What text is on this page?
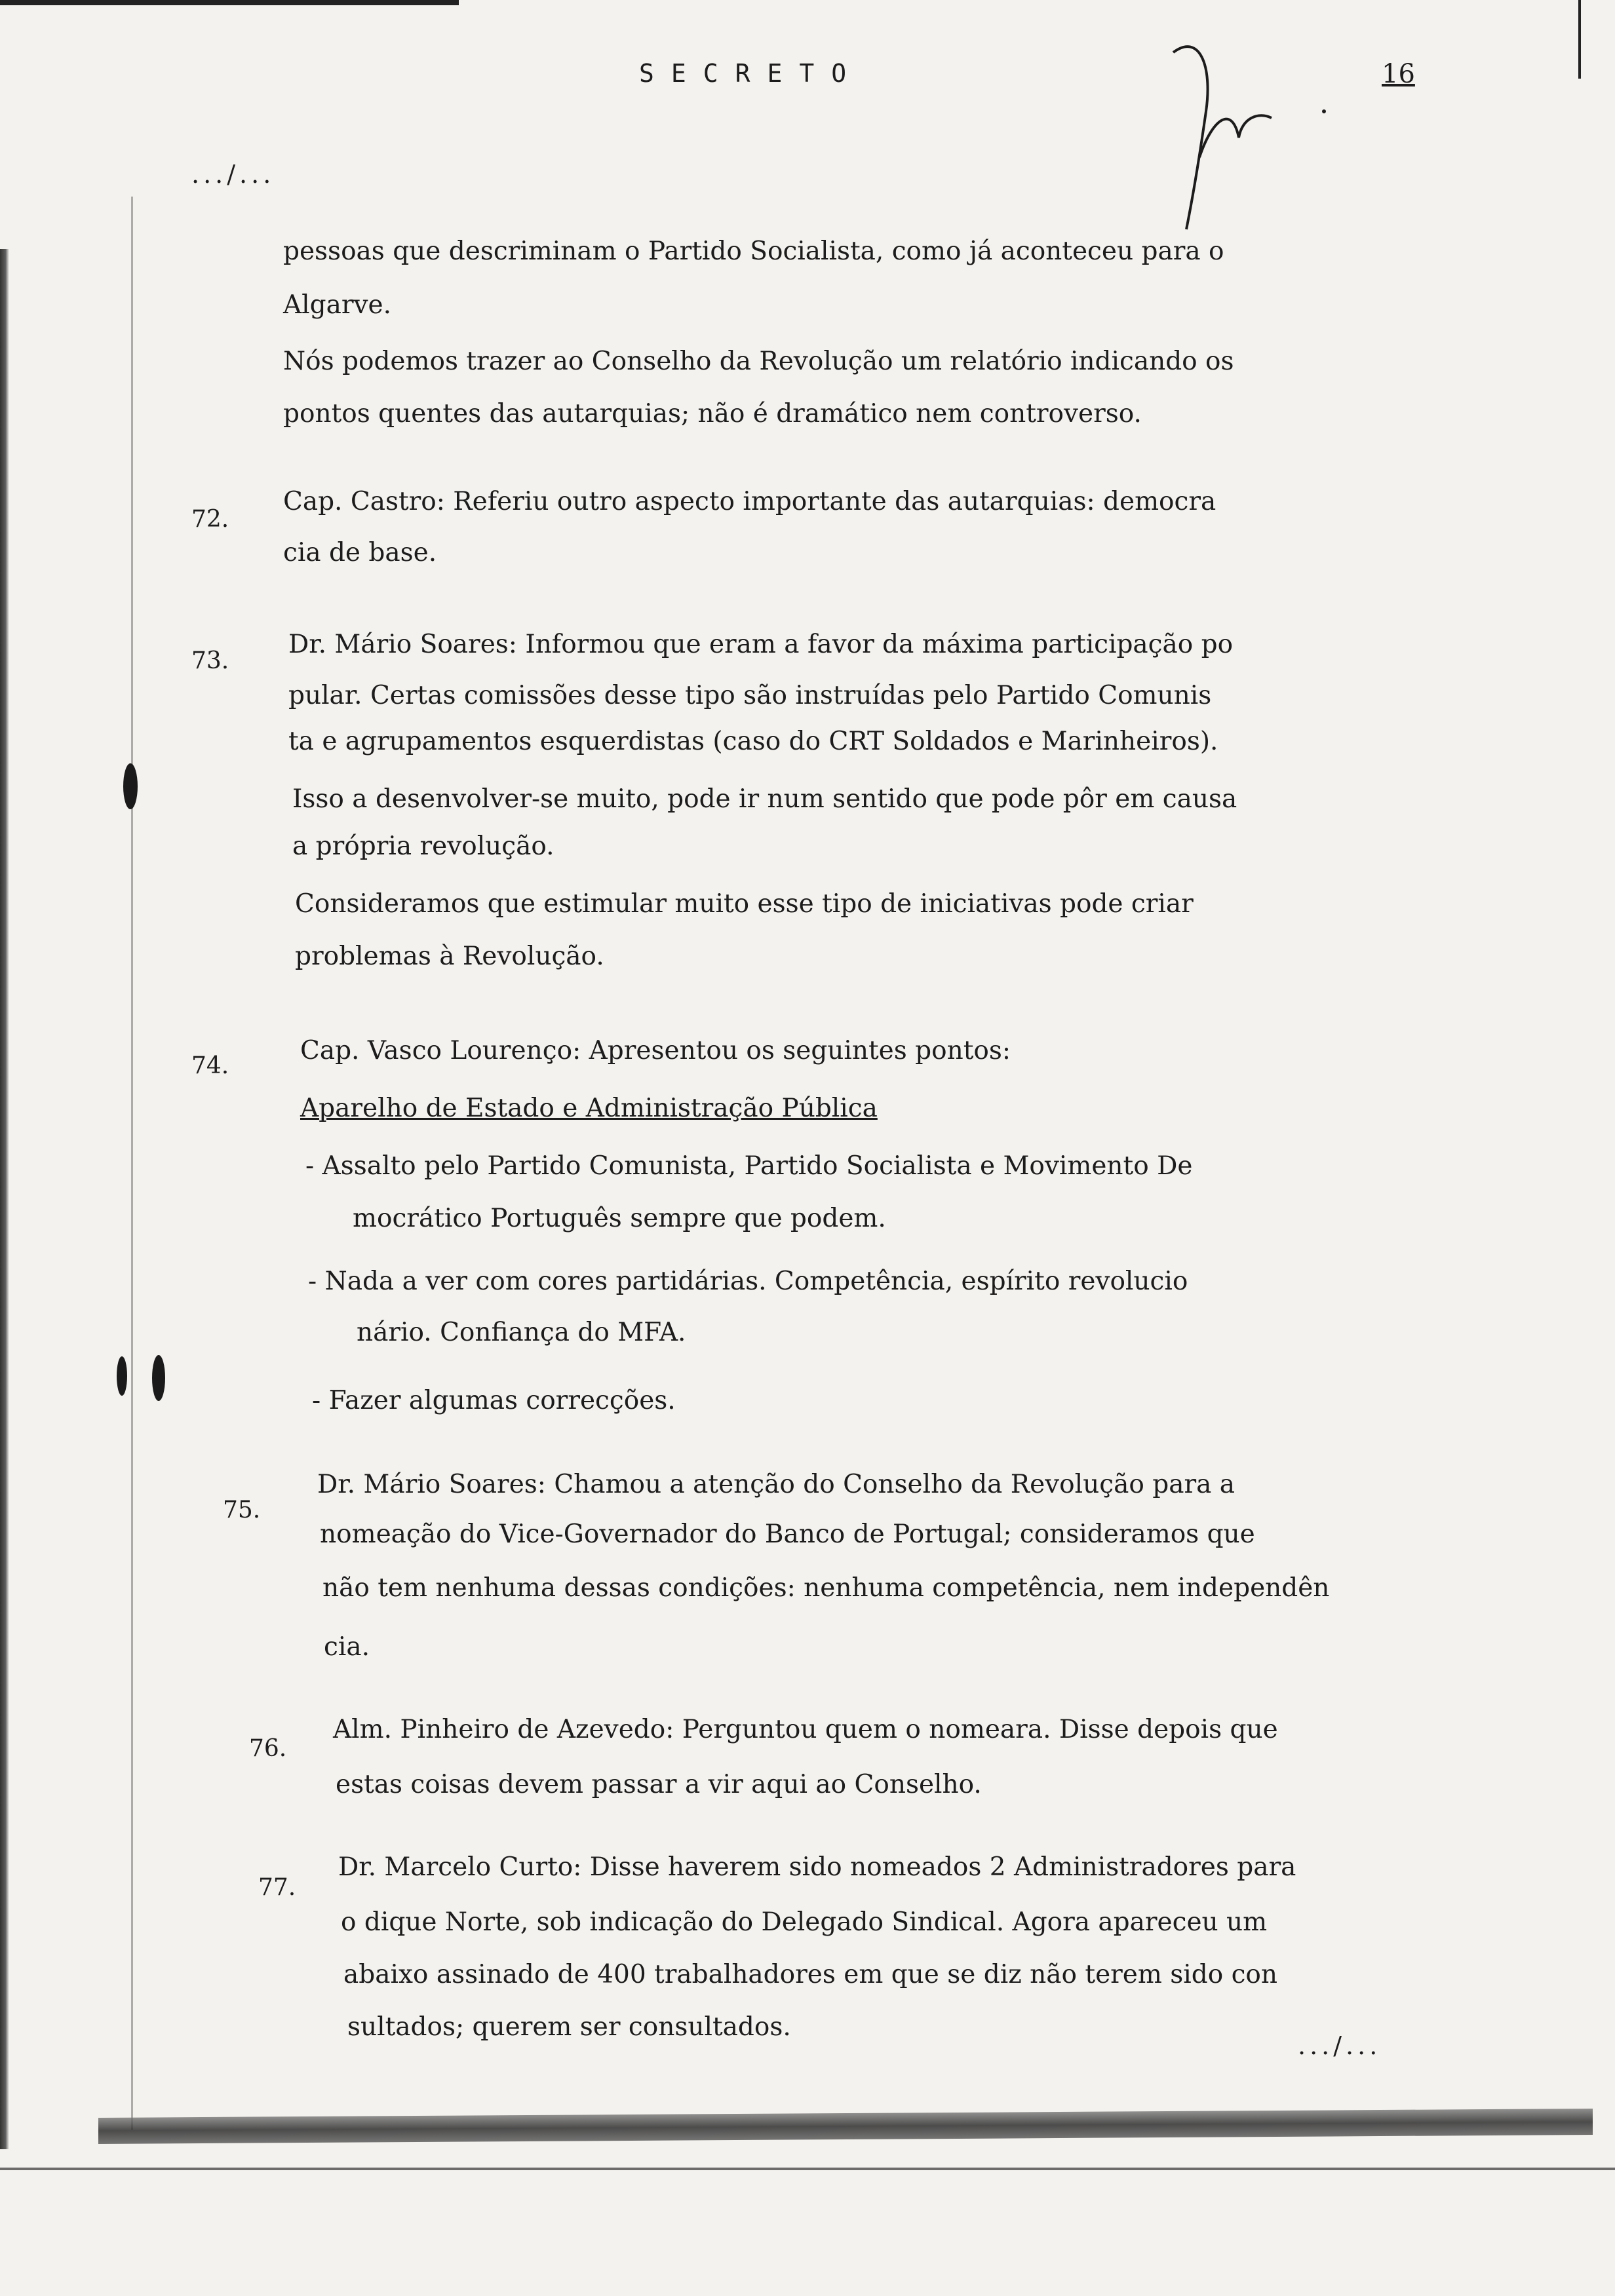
SECRETO	16
.../...
pessoas que descriminam o Partido Socialista, como já aconteceu para o
Algarve.
Nós podemos trazer ao Conselho da Revolução um relatório indicando os
pontos quentes das autarquias; não é dramático nem controverso.
72.
Cap. Castro: Referiu outro aspecto importante das autarquias: democra
cia de base.
73.
Dr. Mário Soares: Informou que eram a favor da máxima participação po
pular. Certas comissões desse tipo são instruídas pelo Partido Comunis
ta e agrupamentos esquerdistas (caso do CRT Soldados e Marinheiros).
Isso a desenvolver-se muito, pode ir num sentido que pode pôr em causa
a própria revolução.
Consideramos que estimular muito esse tipo de iniciativas pode criar
problemas à Revolução.
74.
Cap. Vasco Lourenço: Apresentou os seguintes pontos:
Aparelho de Estado e Administração Pública
- Assalto pelo Partido Comunista, Partido Socialista e Movimento De
mocrático Português sempre que podem.
- Nada a ver com cores partidárias. Competência, espírito revolucio
nário. Confiança do MFA.
- Fazer algumas correcções.
75.
Dr. Mário Soares: Chamou a atenção do Conselho da Revolução para a
nomeação do Vice-Governador do Banco de Portugal; consideramos que
não tem nenhuma dessas condições: nenhuma competência, nem independên
cia.
76.
Alm. Pinheiro de Azevedo: Perguntou quem o nomeara. Disse depois que
estas coisas devem passar a vir aqui ao Conselho.
77.
Dr. Marcelo Curto: Disse haverem sido nomeados 2 Administradores para
o dique Norte, sob indicação do Delegado Sindical. Agora apareceu um
abaixo assinado de 400 trabalhadores em que se diz não terem sido con
sultados; querem ser consultados.
.../...
